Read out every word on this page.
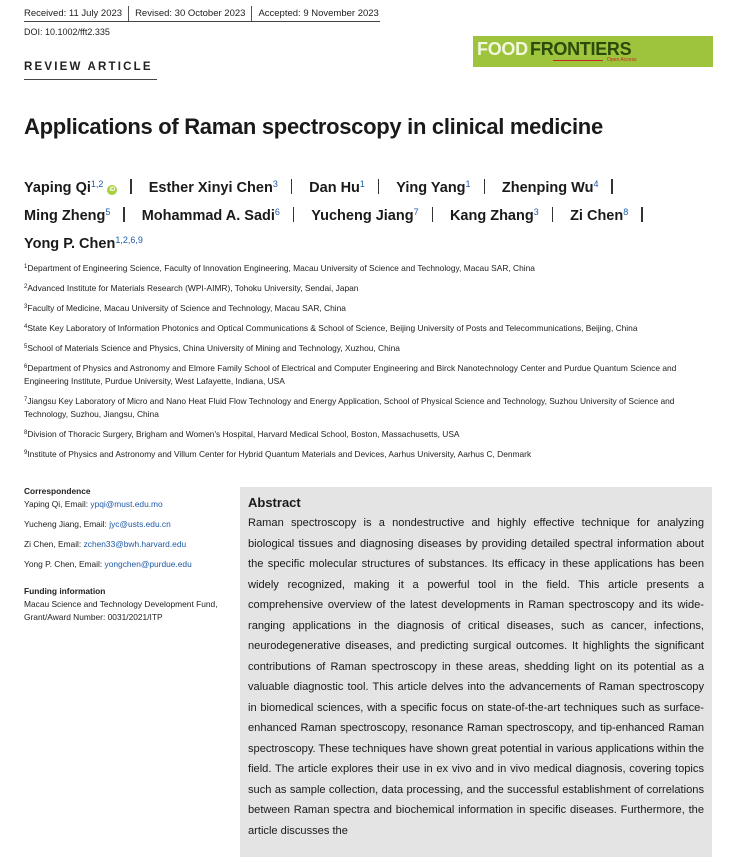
Received: 11 July 2023 Revised: 30 October 2023 Accepted: 9 November 2023
DOI: 10.1002/fft2.335
FOOD FRONTIERS
Open Access
REVIEW ARTICLE
Applications of Raman spectroscopy in clinical medicine
Yaping Qi$^{1,2}$iD Esther Xinyi Chen$^3$ Dan Hu$^1$ Ying Yang$^1$ Zhenping Wu$^4$ Ming Zheng$^5$ Mohammad A. Sadi$^6$ Yucheng Jiang$^7$ Kang Zhang$^3$ Zi Chen$^8$ Yong P. Chen$^{1,2,6,9}$
$^1$Department of Engineering Science, Faculty of Innovation Engineering, Macau University of Science and Technology, Macau SAR, China
$^2$Advanced Institute for Materials Research (WPI-AIMR), Tohoku University, Sendai, Japan
$^3$Faculty of Medicine, Macau University of Science and Technology, Macau SAR, China
$^4$State Key Laboratory of Information Photonics and Optical Communications & School of Science, Beijing University of Posts and Telecommunications, Beijing, China
$^5$School of Materials Science and Physics, China University of Mining and Technology, Xuzhou, China
$^6$Department of Physics and Astronomy and Elmore Family School of Electrical and Computer Engineering and Birck Nanotechnology Center and Purdue Quantum Science and Engineering Institute, Purdue University, West Lafayette, Indiana, USA
$^7$Jiangsu Key Laboratory of Micro and Nano Heat Fluid Flow Technology and Energy Application, School of Physical Science and Technology, Suzhou University of Science and Technology, Suzhou, Jiangsu, China
$^8$Division of Thoracic Surgery, Brigham and Women's Hospital, Harvard Medical School, Boston, Massachusetts, USA
$^9$Institute of Physics and Astronomy and Villum Center for Hybrid Quantum Materials and Devices, Aarhus University, Aarhus C, Denmark
Correspondence
Yaping Qi, Email: ypqi@must.edu.mo
Yucheng Jiang, Email: jyc@usts.edu.cn
Zi Chen, Email: zchen33@bwh.harvard.edu
Yong P. Chen, Email: yongchen@purdue.edu
Funding information
Macau Science and Technology Development Fund, Grant/Award Number: 0031/2021/ITP
Abstract
Raman spectroscopy is a nondestructive and highly effective technique for analyzing biological tissues and diagnosing diseases by providing detailed spectral information about the specific molecular structures of substances. Its efficacy in these applications has been widely recognized, making it a powerful tool in the field. This article presents a comprehensive overview of the latest developments in Raman spectroscopy and its wide-ranging applications in the diagnosis of critical diseases, such as cancer, infections, neurodegenerative diseases, and predicting surgical outcomes. It highlights the significant contributions of Raman spectroscopy in these areas, shedding light on its potential as a valuable diagnostic tool. This article delves into the advancements of Raman spectroscopy in biomedical sciences, with a specific focus on state-of-the-art techniques such as surface-enhanced Raman spectroscopy, resonance Raman spectroscopy, and tip-enhanced Raman spectroscopy. These techniques have shown great potential in various applications within the field. The article explores their use in ex vivo and in vivo medical diagnosis, covering topics such as sample collection, data processing, and the successful establishment of correlations between Raman spectra and biochemical information in specific diseases. Furthermore, the article discusses the
